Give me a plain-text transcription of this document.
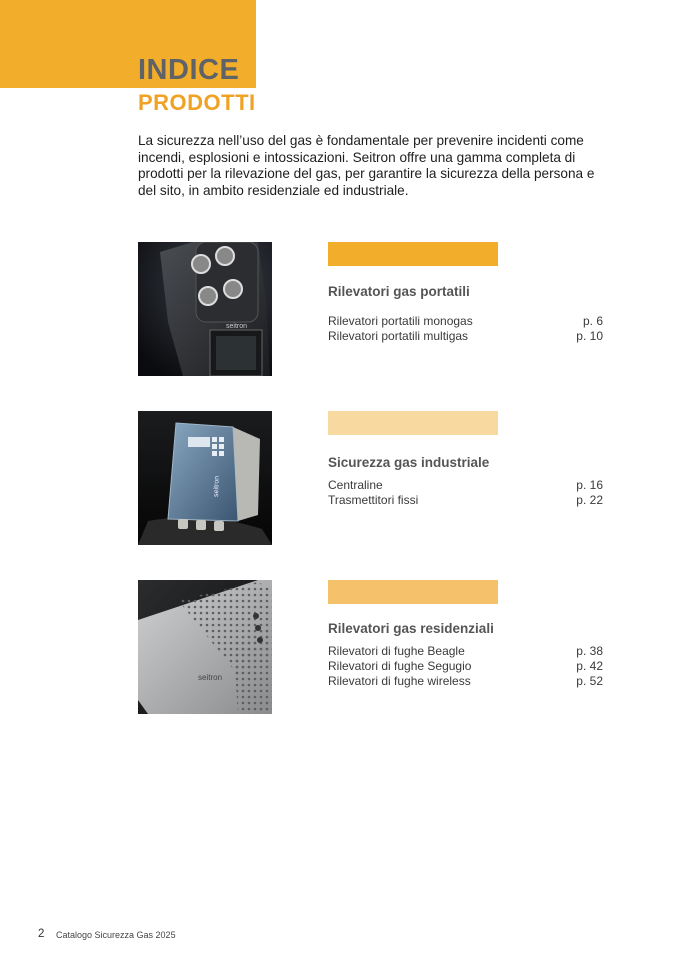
INDICE
PRODOTTI

La sicurezza nell’uso del gas è fondamentale per prevenire incidenti come incendi, esplosioni e intossicazioni. Seitron offre una gamma completa di prodotti per la rilevazione del gas, per garantire la sicurezza della persona e del sito, in ambito residenziale ed industriale.

seitron
Rilevatori gas portatili
Rilevatori portatili monogas	p. 6
Rilevatori portatili multigas	p. 10
seitron
Sicurezza gas industriale
Centraline	p. 16
Trasmettitori fissi	p. 22
seitron
Rilevatori gas residenziali
Rilevatori di fughe Beagle	p. 38
Rilevatori di fughe Segugio	p. 42
Rilevatori di fughe wireless	p. 52
2 Catalogo Sicurezza Gas 2025
